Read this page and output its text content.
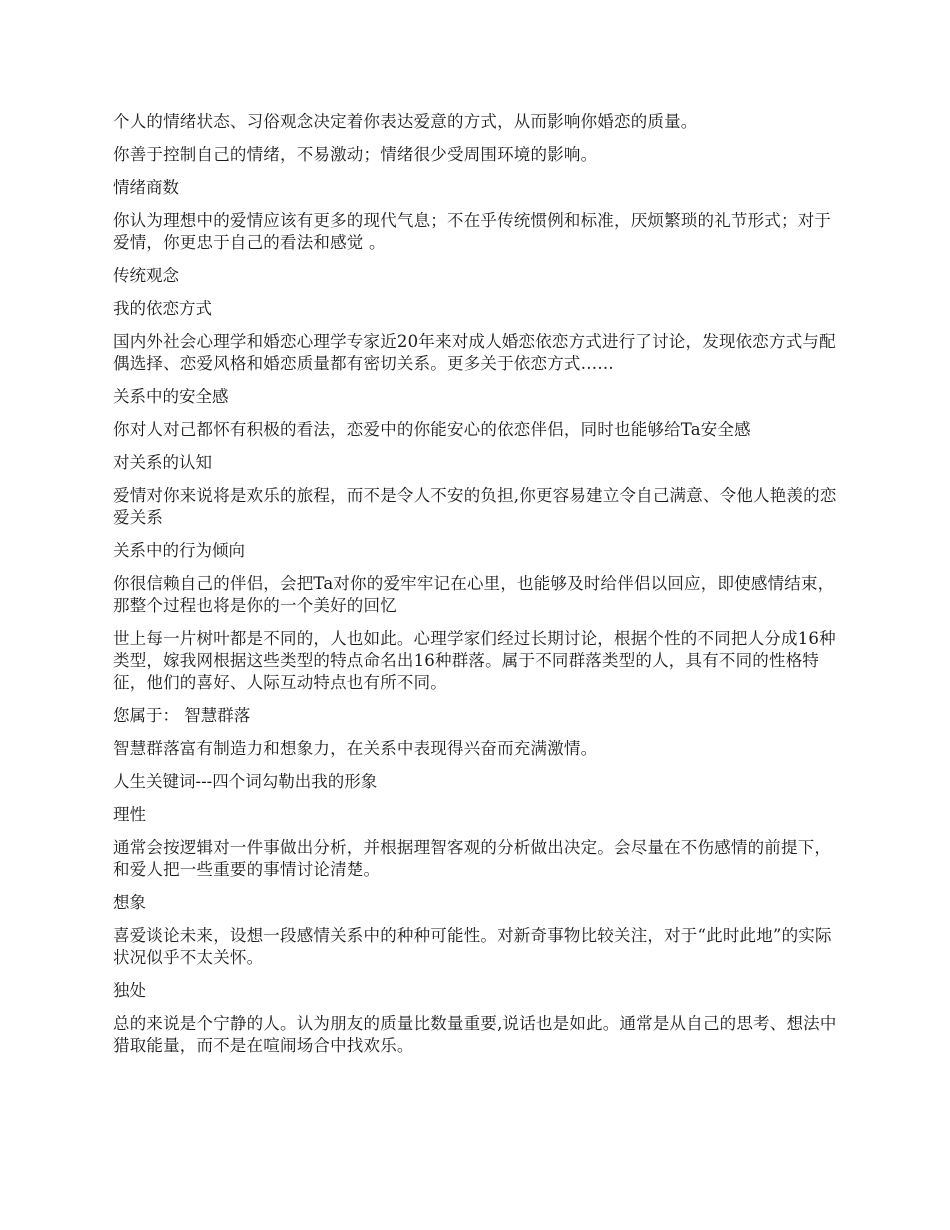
个人的情绪状态、习俗观念决定着你表达爱意的方式，从而影响你婚恋的质量。

你善于控制自己的情绪，不易激动；情绪很少受周围环境的影响。

情绪商数

你认为理想中的爱情应该有更多的现代气息；不在乎传统惯例和标准，厌烦繁琐的礼节形式；对于爱情，你更忠于自己的看法和感觉 。

传统观念

我的依恋方式

国内外社会心理学和婚恋心理学专家近20年来对成人婚恋依恋方式进行了讨论，发现依恋方式与配偶选择、恋爱风格和婚恋质量都有密切关系。更多关于依恋方式……

关系中的安全感

你对人对己都怀有积极的看法，恋爱中的你能安心的依恋伴侣，同时也能够给Ta安全感

对关系的认知

爱情对你来说将是欢乐的旅程，而不是令人不安的负担,你更容易建立令自己满意、令他人艳羡的恋爱关系

关系中的行为倾向

你很信赖自己的伴侣，会把Ta对你的爱牢牢记在心里，也能够及时给伴侣以回应，即使感情结束，那整个过程也将是你的一个美好的回忆

世上每一片树叶都是不同的，人也如此。心理学家们经过长期讨论，根据个性的不同把人分成16种类型，嫁我网根据这些类型的特点命名出16种群落。属于不同群落类型的人，具有不同的性格特征，他们的喜好、人际互动特点也有所不同。

您属于： 智慧群落

智慧群落富有制造力和想象力，在关系中表现得兴奋而充满激情。

人生关键词---四个词勾勒出我的形象

理性

通常会按逻辑对一件事做出分析，并根据理智客观的分析做出决定。会尽量在不伤感情的前提下，和爱人把一些重要的事情讨论清楚。

想象

喜爱谈论未来，设想一段感情关系中的种种可能性。对新奇事物比较关注，对于“此时此地”的实际状况似乎不太关怀。

独处

总的来说是个宁静的人。认为朋友的质量比数量重要,说话也是如此。通常是从自己的思考、想法中猎取能量，而不是在喧闹场合中找欢乐。
